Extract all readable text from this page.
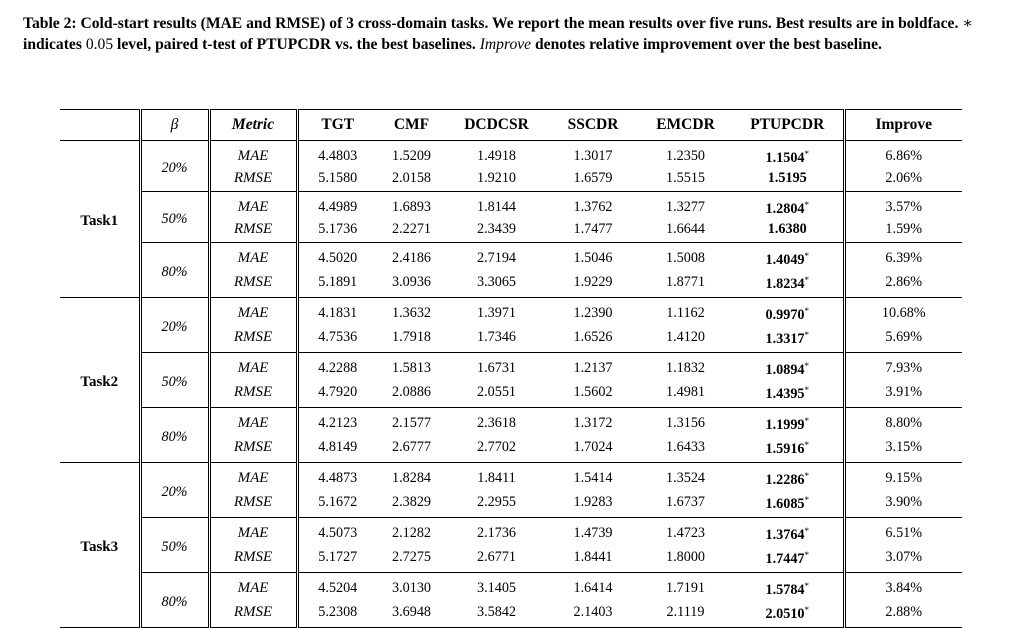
Table 2: Cold-start results (MAE and RMSE) of 3 cross-domain tasks. We report the mean results over five runs. Best results are in boldface. ∗ indicates 0.05 level, paired t-test of PTUPCDR vs. the best baselines. Improve denotes relative improvement over the best baseline.
	β	Metric	TGT	CMF	DCDCSR	SSCDR	EMCDR	PTUPCDR	Improve
Task1	20%	MAE	4.4803	1.5209	1.4918	1.3017	1.2350	1.1504*	6.86%
		RMSE	5.1580	2.0158	1.9210	1.6579	1.5515	1.5195	2.06%
	50%	MAE	4.4989	1.6893	1.8144	1.3762	1.3277	1.2804*	3.57%
		RMSE	5.1736	2.2271	2.3439	1.7477	1.6644	1.6380	1.59%
	80%	MAE	4.5020	2.4186	2.7194	1.5046	1.5008	1.4049*	6.39%
		RMSE	5.1891	3.0936	3.3065	1.9229	1.8771	1.8234*	2.86%
Task2	20%	MAE	4.1831	1.3632	1.3971	1.2390	1.1162	0.9970*	10.68%
		RMSE	4.7536	1.7918	1.7346	1.6526	1.4120	1.3317*	5.69%
	50%	MAE	4.2288	1.5813	1.6731	1.2137	1.1832	1.0894*	7.93%
		RMSE	4.7920	2.0886	2.0551	1.5602	1.4981	1.4395*	3.91%
	80%	MAE	4.2123	2.1577	2.3618	1.3172	1.3156	1.1999*	8.80%
		RMSE	4.8149	2.6777	2.7702	1.7024	1.6433	1.5916*	3.15%
Task3	20%	MAE	4.4873	1.8284	1.8411	1.5414	1.3524	1.2286*	9.15%
		RMSE	5.1672	2.3829	2.2955	1.9283	1.6737	1.6085*	3.90%
	50%	MAE	4.5073	2.1282	2.1736	1.4739	1.4723	1.3764*	6.51%
		RMSE	5.1727	2.7275	2.6771	1.8441	1.8000	1.7447*	3.07%
	80%	MAE	4.5204	3.0130	3.1405	1.6414	1.7191	1.5784*	3.84%
		RMSE	5.2308	3.6948	3.5842	2.1403	2.1119	2.0510*	2.88%
